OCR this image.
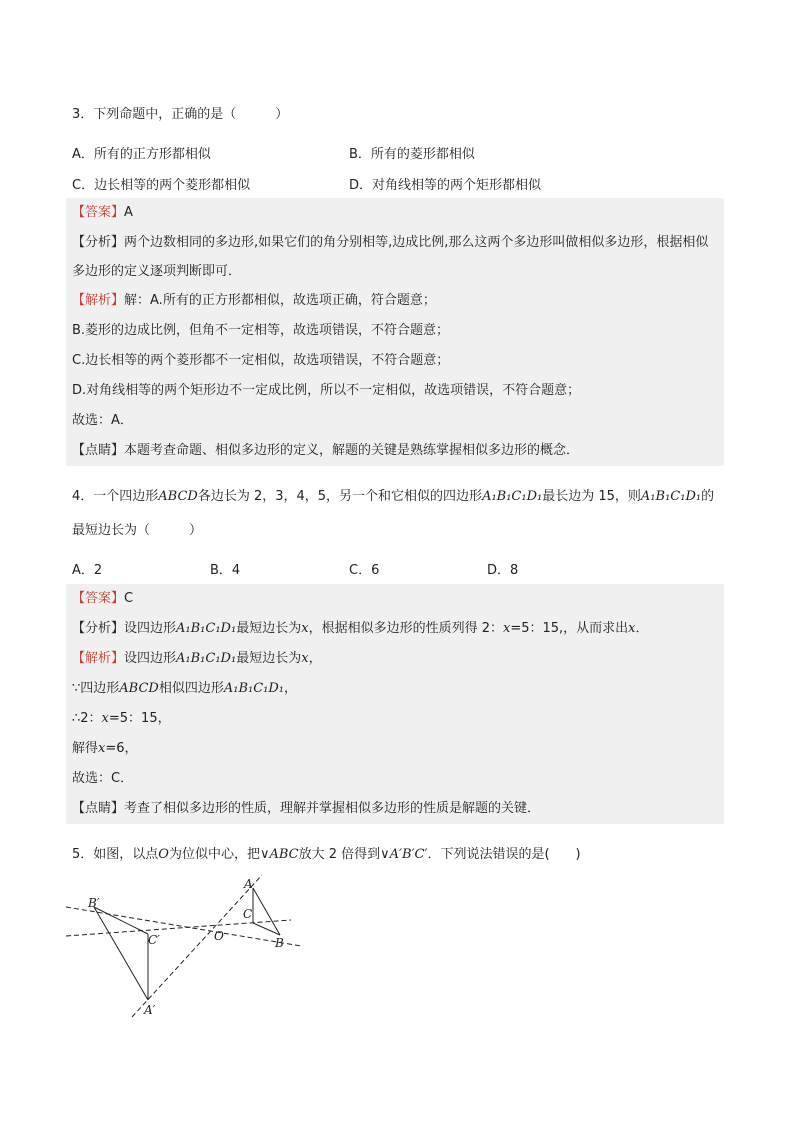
3．下列命题中，正确的是（　　　）
A．所有的正方形都相似	B．所有的菱形都相似
C．边长相等的两个菱形都相似	D．对角线相等的两个矩形都相似
【答案】A
【分析】两个边数相同的多边形,如果它们的角分别相等,边成比例,那么这两个多边形叫做相似多边形，根据相似多边形的定义逐项判断即可．
【解析】解：A.所有的正方形都相似，故选项正确，符合题意；
B.菱形的边成比例，但角不一定相等，故选项错误，不符合题意；
C.边长相等的两个菱形都不一定相似，故选项错误，不符合题意；
D.对角线相等的两个矩形边不一定成比例，所以不一定相似，故选项错误，不符合题意；
故选：A．
【点睛】本题考查命题、相似多边形的定义，解题的关键是熟练掌握相似多边形的概念．
4．一个四边形ABCD各边长为 2，3，4，5，另一个和它相似的四边形A₁B₁C₁D₁最长边为 15，则A₁B₁C₁D₁的
最短边长为（　　　）
A．2	B．4	C．6	D．8
【答案】C
【分析】设四边形A₁B₁C₁D₁最短边长为x，根据相似多边形的性质列得 2：x=5：15,，从而求出x．
【解析】设四边形A₁B₁C₁D₁最短边长为x，
∵四边形ABCD相似四边形A₁B₁C₁D₁，
∴2：x=5：15，
解得x=6，
故选：C．
【点睛】考查了相似多边形的性质，理解并掌握相似多边形的性质是解题的关键．
5．如图，以点O为位似中心，把∨ABC放大 2 倍得到∨A′B′C′．下列说法错误的是(　　)
A
B
C
O
A′
B′
C′
